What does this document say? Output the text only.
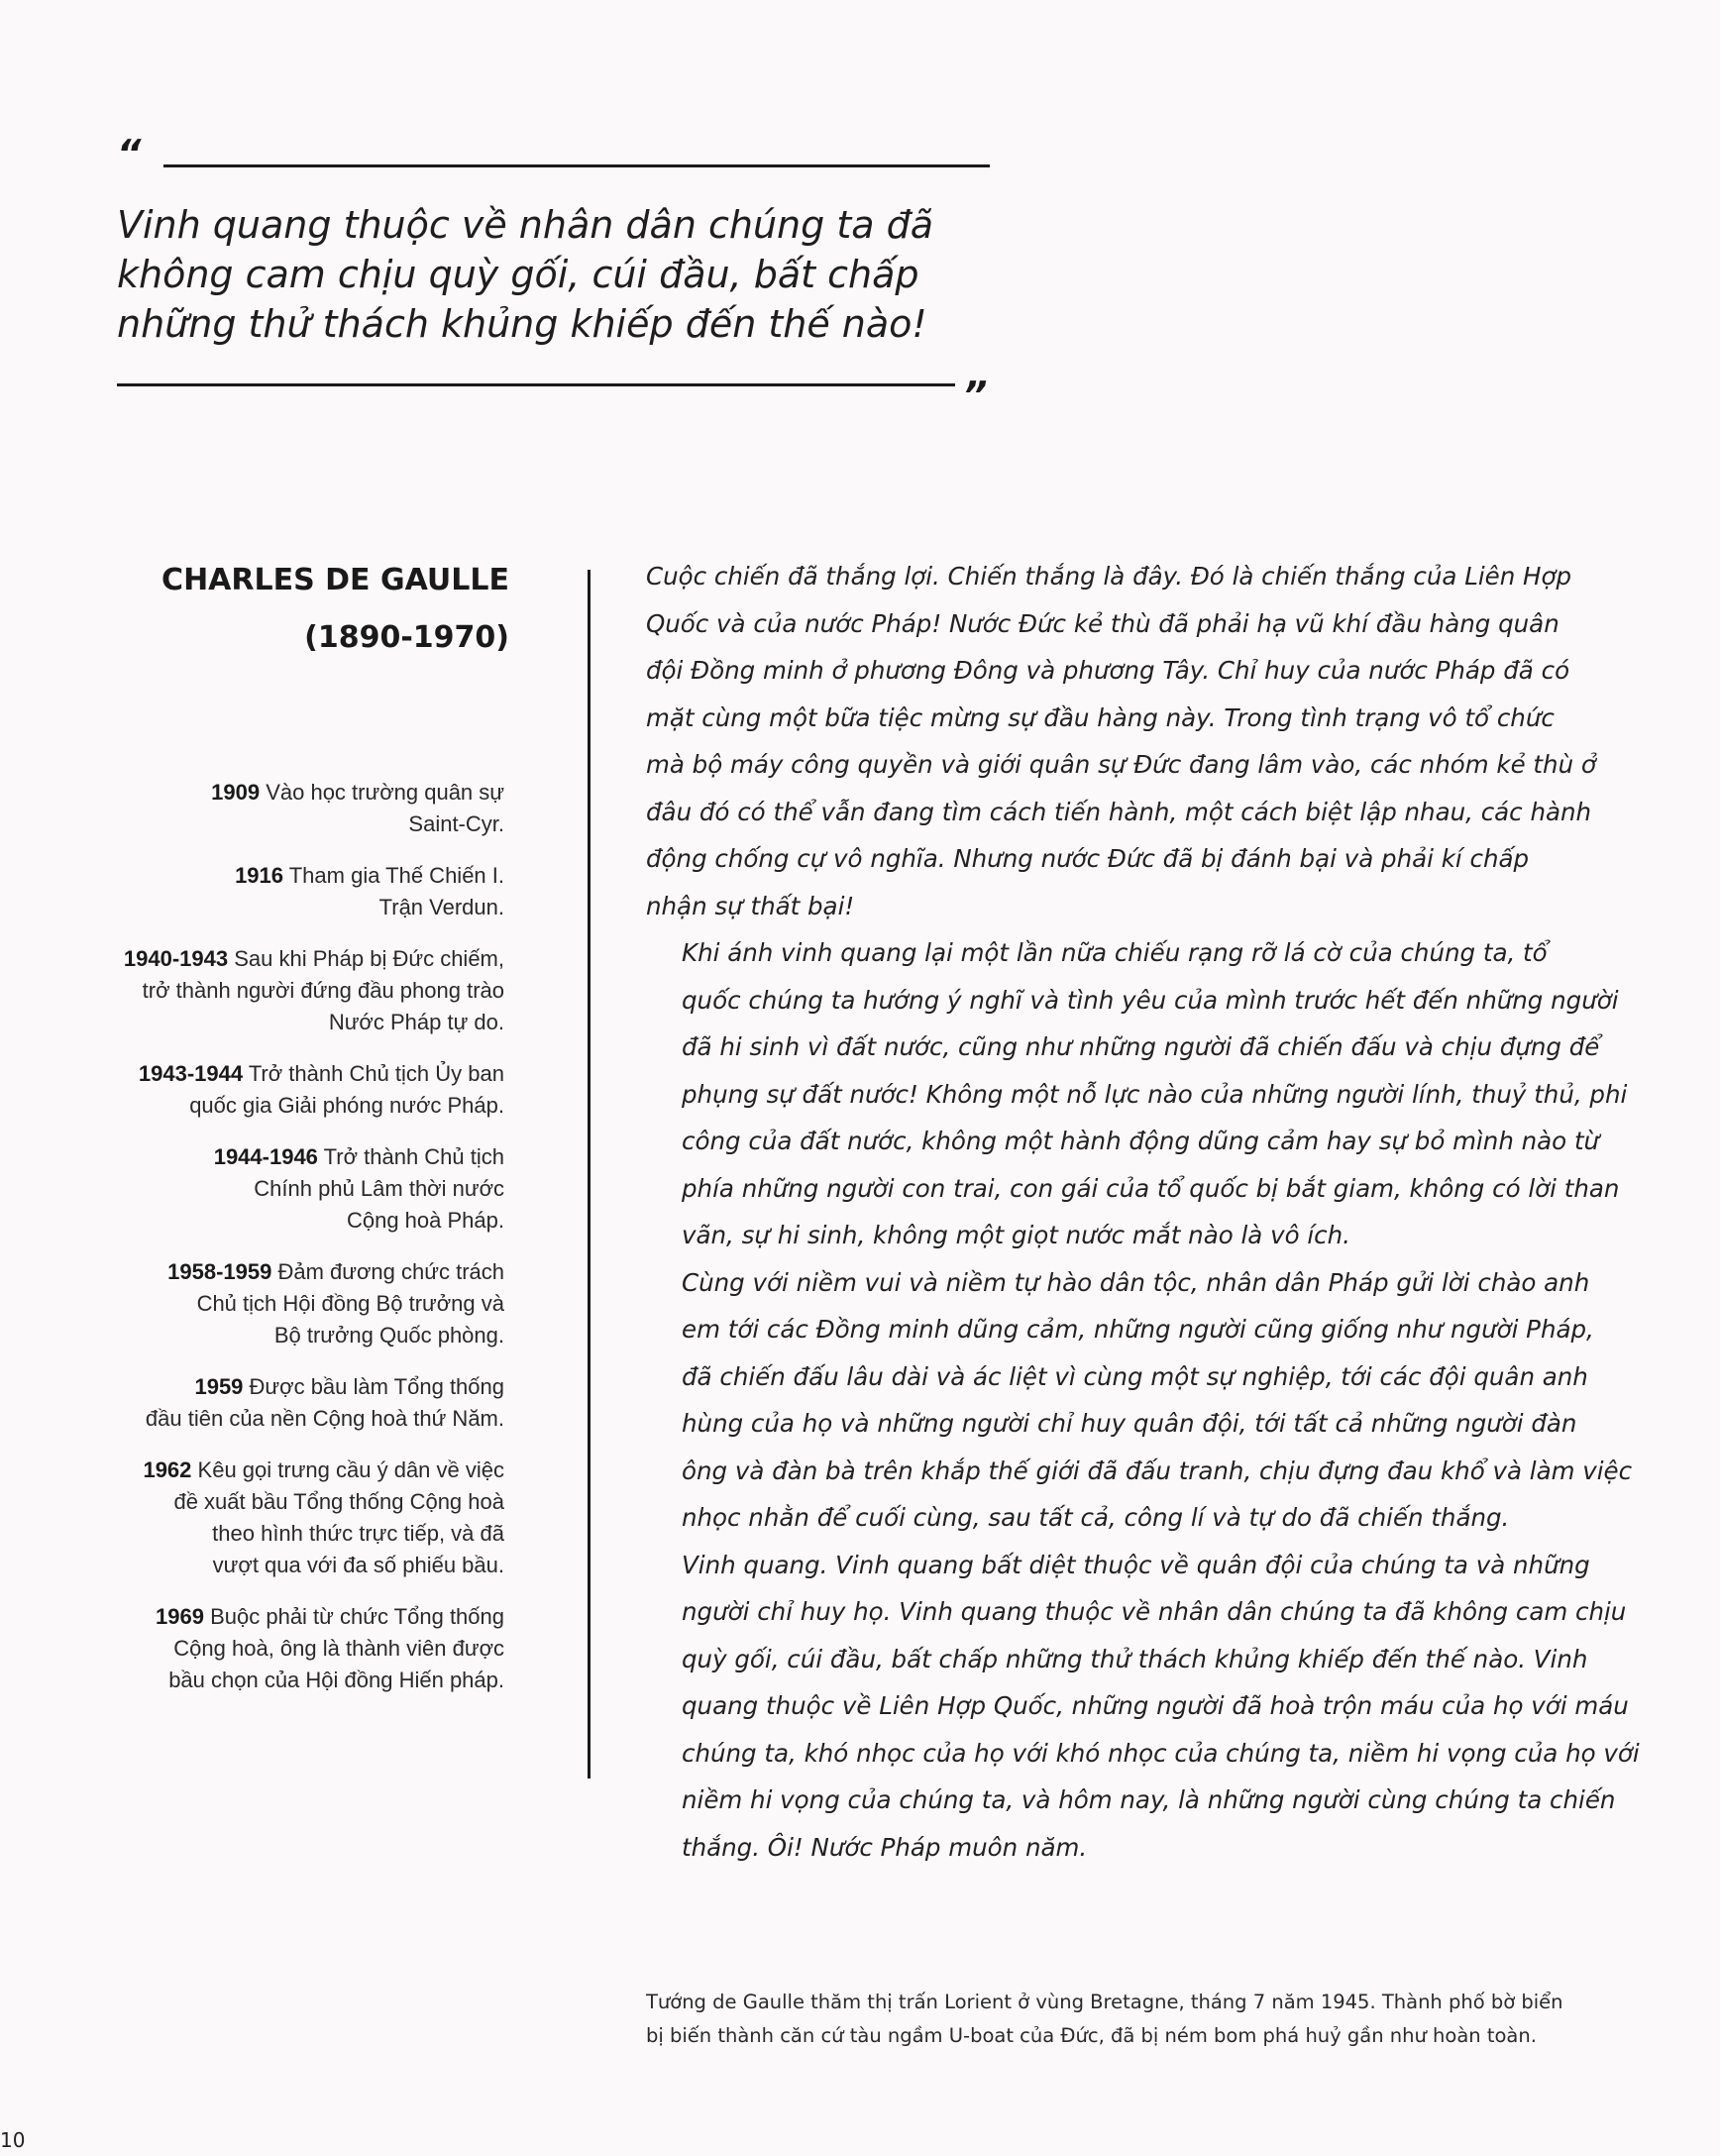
“
Vinh quang thuộc về nhân dân chúng ta đã
không cam chịu quỳ gối, cúi đầu, bất chấp
những thử thách khủng khiếp đến thế nào!
”
CHARLES DE GAULLE
(1890-1970)
1909 Vào học trường quân sự
Saint-Cyr.
1916 Tham gia Thế Chiến I.
Trận Verdun.
1940-1943 Sau khi Pháp bị Đức chiếm,
trở thành người đứng đầu phong trào
Nước Pháp tự do.
1943-1944 Trở thành Chủ tịch Ủy ban
quốc gia Giải phóng nước Pháp.
1944-1946 Trở thành Chủ tịch
Chính phủ Lâm thời nước
Cộng hoà Pháp.
1958-1959 Đảm đương chức trách
Chủ tịch Hội đồng Bộ trưởng và
Bộ trưởng Quốc phòng.
1959 Được bầu làm Tổng thống
đầu tiên của nền Cộng hoà thứ Năm.
1962 Kêu gọi trưng cầu ý dân về việc
đề xuất bầu Tổng thống Cộng hoà
theo hình thức trực tiếp, và đã
vượt qua với đa số phiếu bầu.
1969 Buộc phải từ chức Tổng thống
Cộng hoà, ông là thành viên được
bầu chọn của Hội đồng Hiến pháp.

Cuộc chiến đã thắng lợi. Chiến thắng là đây. Đó là chiến thắng của Liên Hợp
Quốc và của nước Pháp! Nước Đức kẻ thù đã phải hạ vũ khí đầu hàng quân
đội Đồng minh ở phương Đông và phương Tây. Chỉ huy của nước Pháp đã có
mặt cùng một bữa tiệc mừng sự đầu hàng này. Trong tình trạng vô tổ chức
mà bộ máy công quyền và giới quân sự Đức đang lâm vào, các nhóm kẻ thù ở
đâu đó có thể vẫn đang tìm cách tiến hành, một cách biệt lập nhau, các hành
động chống cự vô nghĩa. Nhưng nước Đức đã bị đánh bại và phải kí chấp
nhận sự thất bại!

Khi ánh vinh quang lại một lần nữa chiếu rạng rỡ lá cờ của chúng ta, tổ
quốc chúng ta hướng ý nghĩ và tình yêu của mình trước hết đến những người
đã hi sinh vì đất nước, cũng như những người đã chiến đấu và chịu đựng để
phụng sự đất nước! Không một nỗ lực nào của những người lính, thuỷ thủ, phi
công của đất nước, không một hành động dũng cảm hay sự bỏ mình nào từ
phía những người con trai, con gái của tổ quốc bị bắt giam, không có lời than
vãn, sự hi sinh, không một giọt nước mắt nào là vô ích.

Cùng với niềm vui và niềm tự hào dân tộc, nhân dân Pháp gửi lời chào anh
em tới các Đồng minh dũng cảm, những người cũng giống như người Pháp,
đã chiến đấu lâu dài và ác liệt vì cùng một sự nghiệp, tới các đội quân anh
hùng của họ và những người chỉ huy quân đội, tới tất cả những người đàn
ông và đàn bà trên khắp thế giới đã đấu tranh, chịu đựng đau khổ và làm việc
nhọc nhằn để cuối cùng, sau tất cả, công lí và tự do đã chiến thắng.

Vinh quang. Vinh quang bất diệt thuộc về quân đội của chúng ta và những
người chỉ huy họ. Vinh quang thuộc về nhân dân chúng ta đã không cam chịu
quỳ gối, cúi đầu, bất chấp những thử thách khủng khiếp đến thế nào. Vinh
quang thuộc về Liên Hợp Quốc, những người đã hoà trộn máu của họ với máu
chúng ta, khó nhọc của họ với khó nhọc của chúng ta, niềm hi vọng của họ với
niềm hi vọng của chúng ta, và hôm nay, là những người cùng chúng ta chiến
thắng. Ôi! Nước Pháp muôn năm.

Tướng de Gaulle thăm thị trấn Lorient ở vùng Bretagne, tháng 7 năm 1945. Thành phố bờ biển
bị biến thành căn cứ tàu ngầm U-boat của Đức, đã bị ném bom phá huỷ gần như hoàn toàn.
10
